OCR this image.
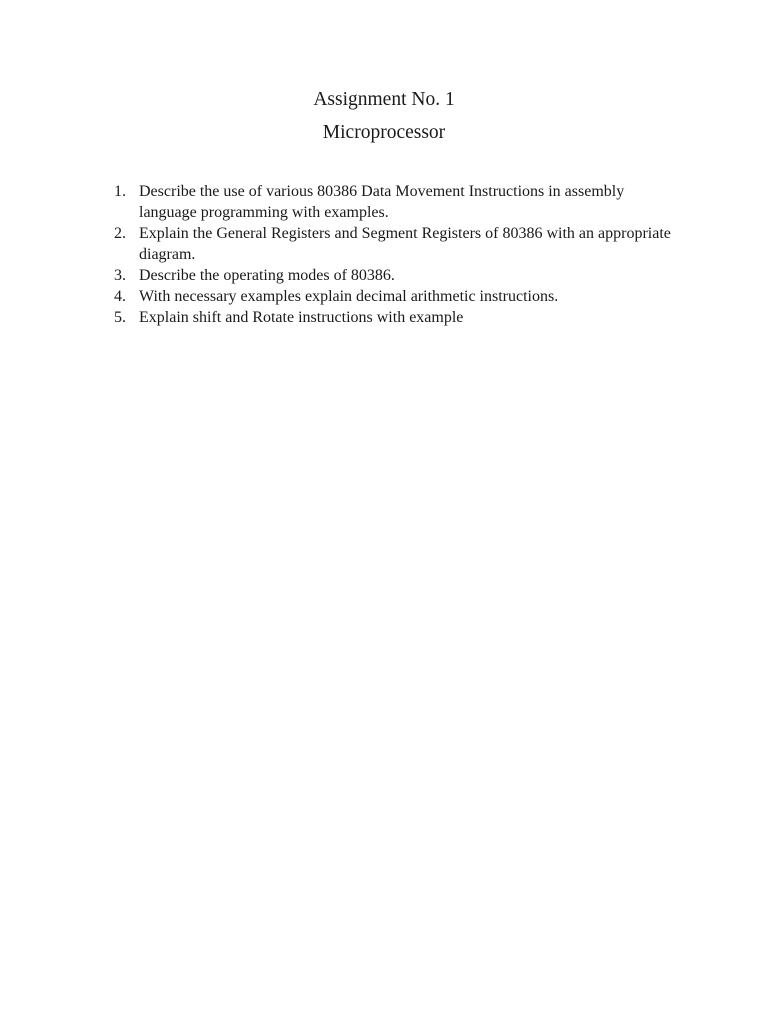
Assignment No. 1
Microprocessor
1. Describe the use of various 80386 Data Movement Instructions in assembly language programming with examples.
2. Explain the General Registers and Segment Registers of 80386 with an appropriate diagram.
3. Describe the operating modes of 80386.
4. With necessary examples explain decimal arithmetic instructions.
5. Explain shift and Rotate instructions with example
